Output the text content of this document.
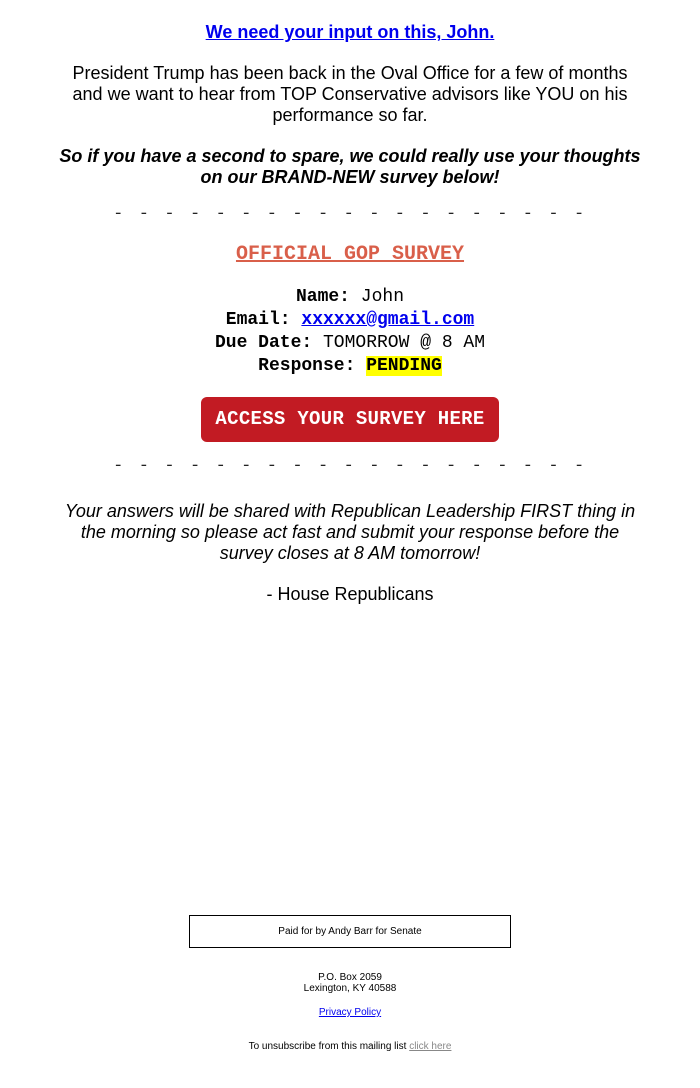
We need your input on this, John.
President Trump has been back in the Oval Office for a few of months and we want to hear from TOP Conservative advisors like YOU on his performance so far.
So if you have a second to spare, we could really use your thoughts on our BRAND-NEW survey below!
- - - - - - - - - - - - - - - - - - -
OFFICIAL GOP SURVEY
Name: John
Email: xxxxxx@gmail.com
Due Date: TOMORROW @ 8 AM
Response: PENDING
ACCESS YOUR SURVEY HERE
- - - - - - - - - - - - - - - - - - -
Your answers will be shared with Republican Leadership FIRST thing in the morning so please act fast and submit your response before the survey closes at 8 AM tomorrow!
- House Republicans
Paid for by Andy Barr for Senate
P.O. Box 2059
Lexington, KY 40588
Privacy Policy
To unsubscribe from this mailing list click here
